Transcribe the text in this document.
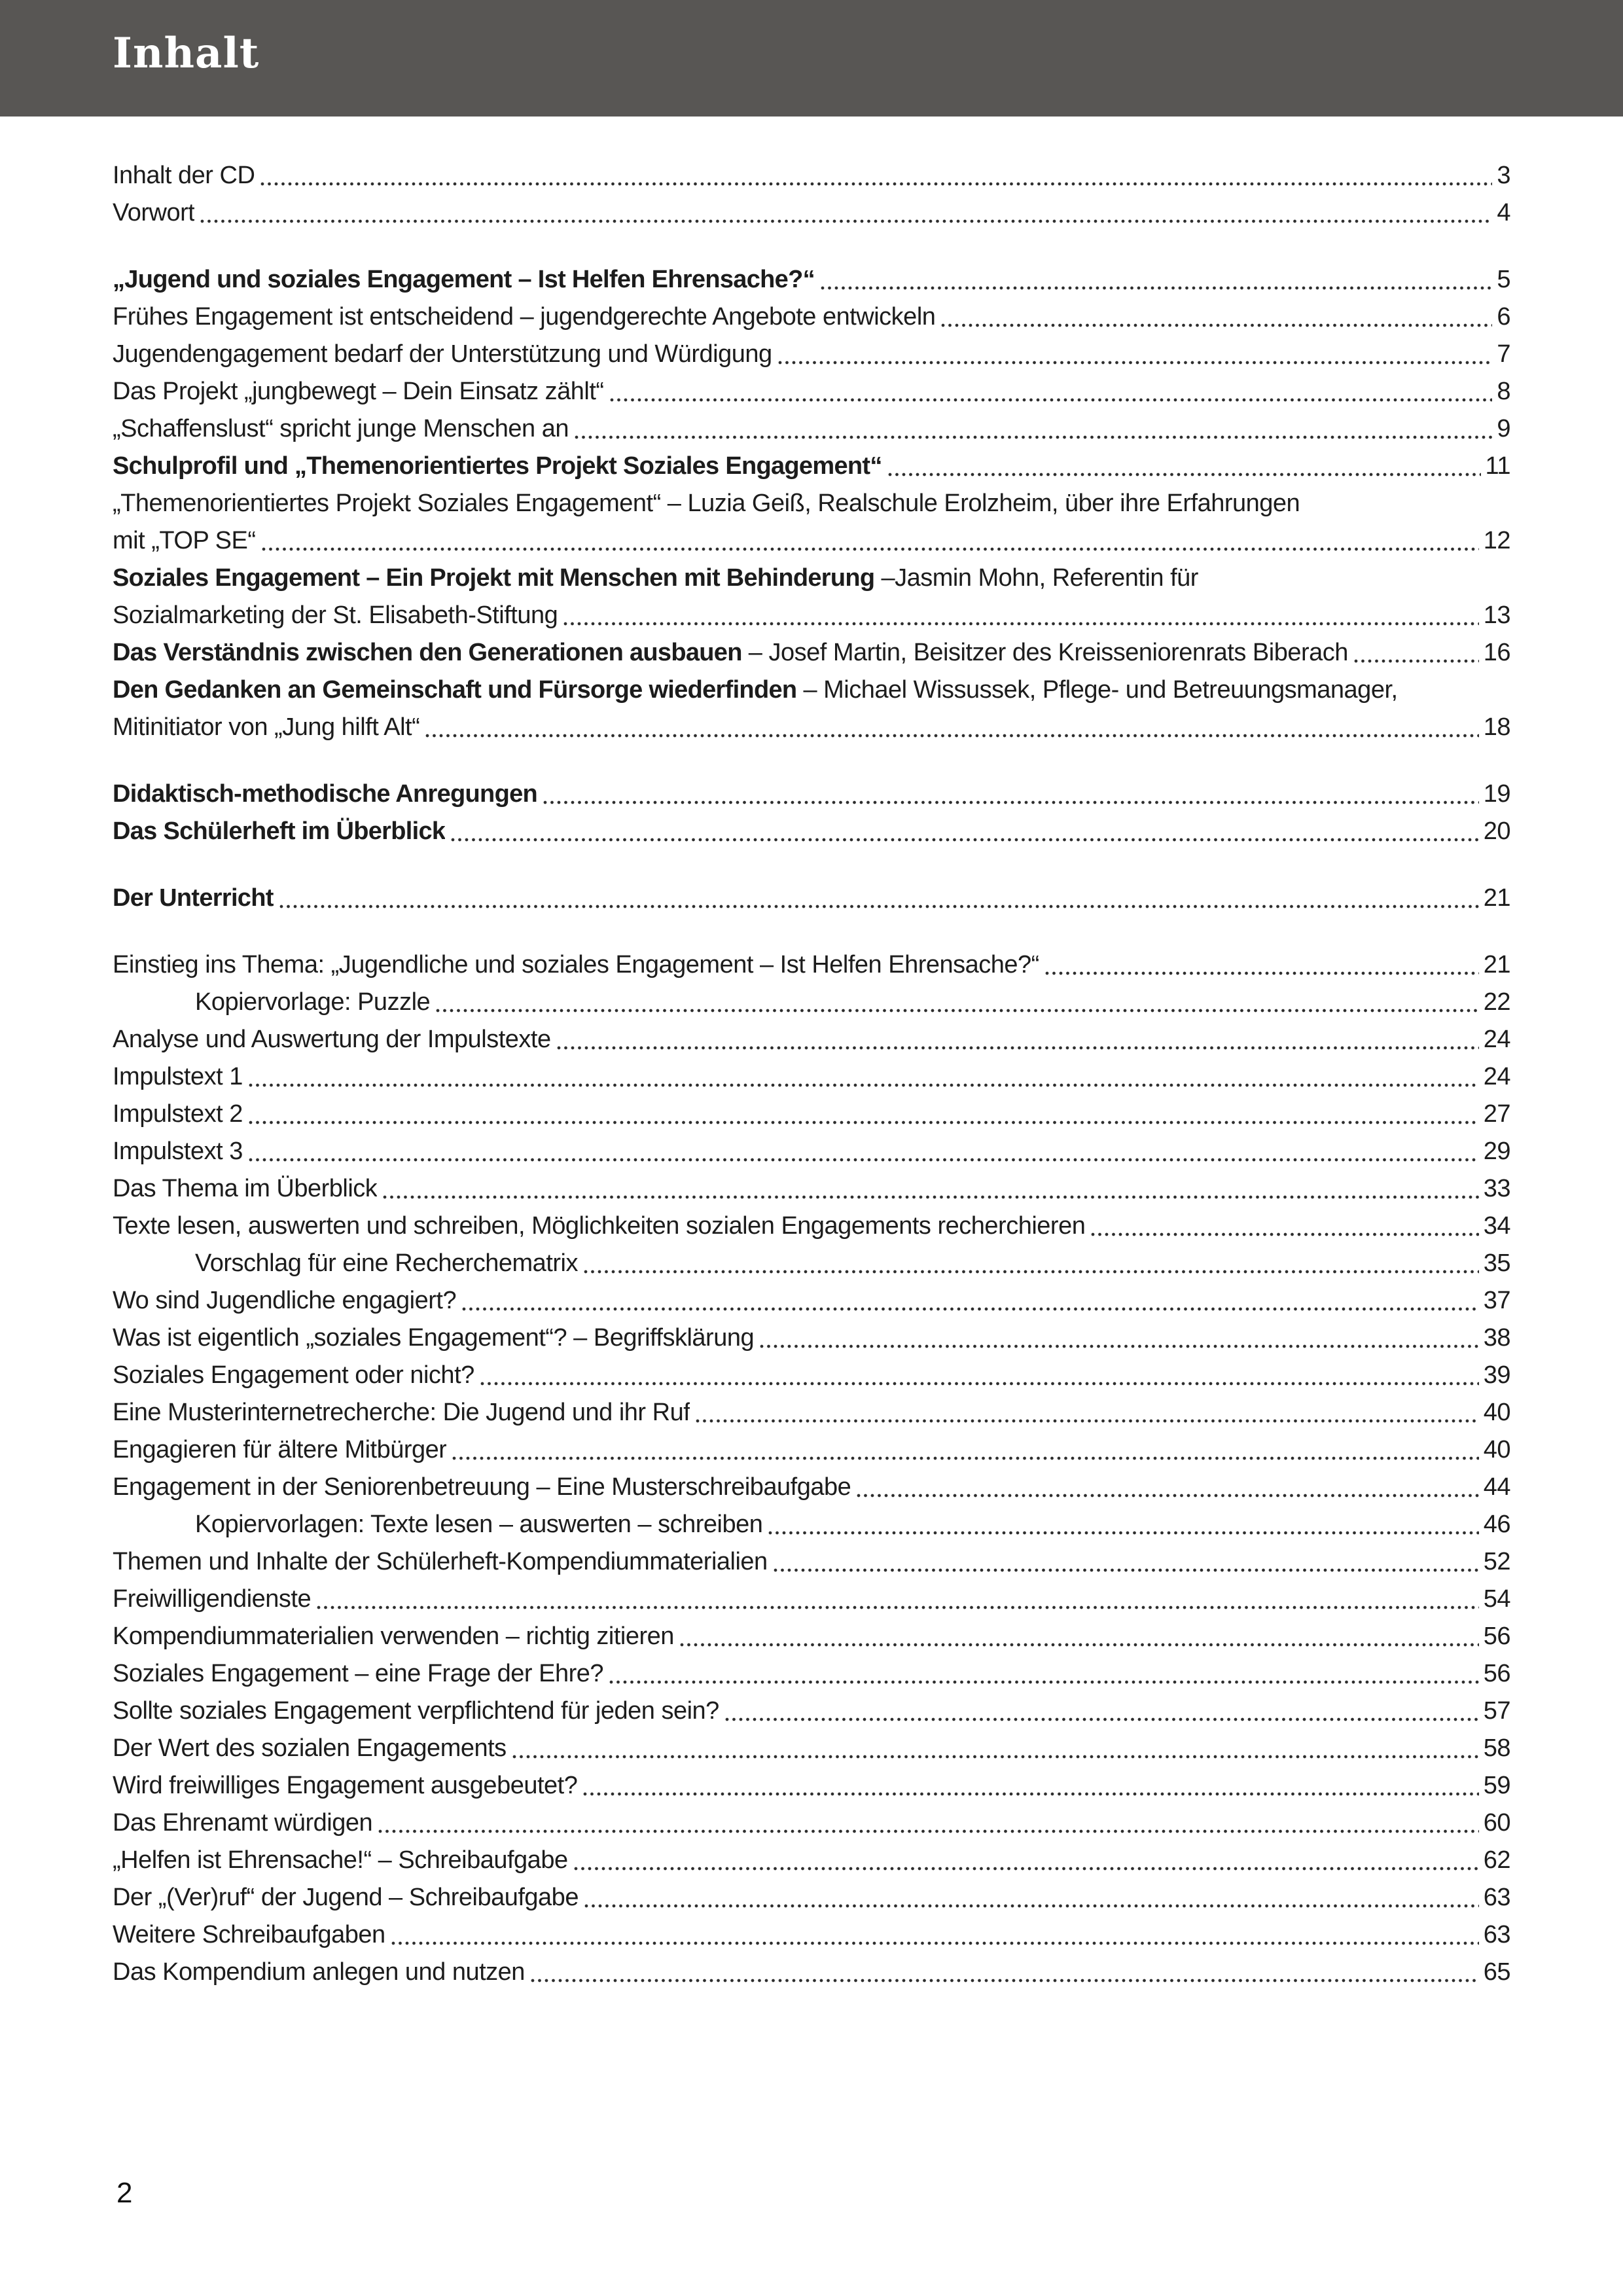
Inhalt
Inhalt der CD	3
Vorwort	4
„Jugend und soziales Engagement – Ist Helfen Ehrensache?“	5
Frühes Engagement ist entscheidend – jugendgerechte Angebote entwickeln	6
Jugendengagement bedarf der Unterstützung und Würdigung	7
Das Projekt „jungbewegt – Dein Einsatz zählt“	8
„Schaffenslust“ spricht junge Menschen an	9
Schulprofil und „Themenorientiertes Projekt Soziales Engagement“	11
„Themenorientiertes Projekt Soziales Engagement“ – Luzia Geiß, Realschule Erolzheim, über ihre Erfahrungen
mit „TOP SE“	12
Soziales Engagement – Ein Projekt mit Menschen mit Behinderung –Jasmin Mohn, Referentin für
Sozialmarketing der St. Elisabeth-Stiftung	13
Das Verständnis zwischen den Generationen ausbauen – Josef Martin, Beisitzer des Kreisseniorenrats Biberach	16
Den Gedanken an Gemeinschaft und Fürsorge wiederfinden – Michael Wissussek, Pflege- und Betreuungsmanager,
Mitinitiator von „Jung hilft Alt“	18
Didaktisch-methodische Anregungen	19
Das Schülerheft im Überblick	20
Der Unterricht	21
Einstieg ins Thema: „Jugendliche und soziales Engagement – Ist Helfen Ehrensache?“	21
Kopiervorlage: Puzzle	22
Analyse und Auswertung der Impulstexte	24
Impulstext 1	24
Impulstext 2	27
Impulstext 3	29
Das Thema im Überblick	33
Texte lesen, auswerten und schreiben, Möglichkeiten sozialen Engagements recherchieren	34
Vorschlag für eine Recherchematrix	35
Wo sind Jugendliche engagiert?	37
Was ist eigentlich „soziales Engagement“? – Begriffsklärung	38
Soziales Engagement oder nicht?	39
Eine Musterinternetrecherche: Die Jugend und ihr Ruf	40
Engagieren für ältere Mitbürger	40
Engagement in der Seniorenbetreuung – Eine Musterschreibaufgabe	44
Kopiervorlagen: Texte lesen – auswerten – schreiben	46
Themen und Inhalte der Schülerheft-Kompendiummaterialien	52
Freiwilligendienste	54
Kompendiummaterialien verwenden – richtig zitieren	56
Soziales Engagement – eine Frage der Ehre?	56
Sollte soziales Engagement verpflichtend für jeden sein?	57
Der Wert des sozialen Engagements	58
Wird freiwilliges Engagement ausgebeutet?	59
Das Ehrenamt würdigen	60
„Helfen ist Ehrensache!“ – Schreibaufgabe	62
Der „(Ver)ruf“ der Jugend – Schreibaufgabe	63
Weitere Schreibaufgaben	63
Das Kompendium anlegen und nutzen	65
2
